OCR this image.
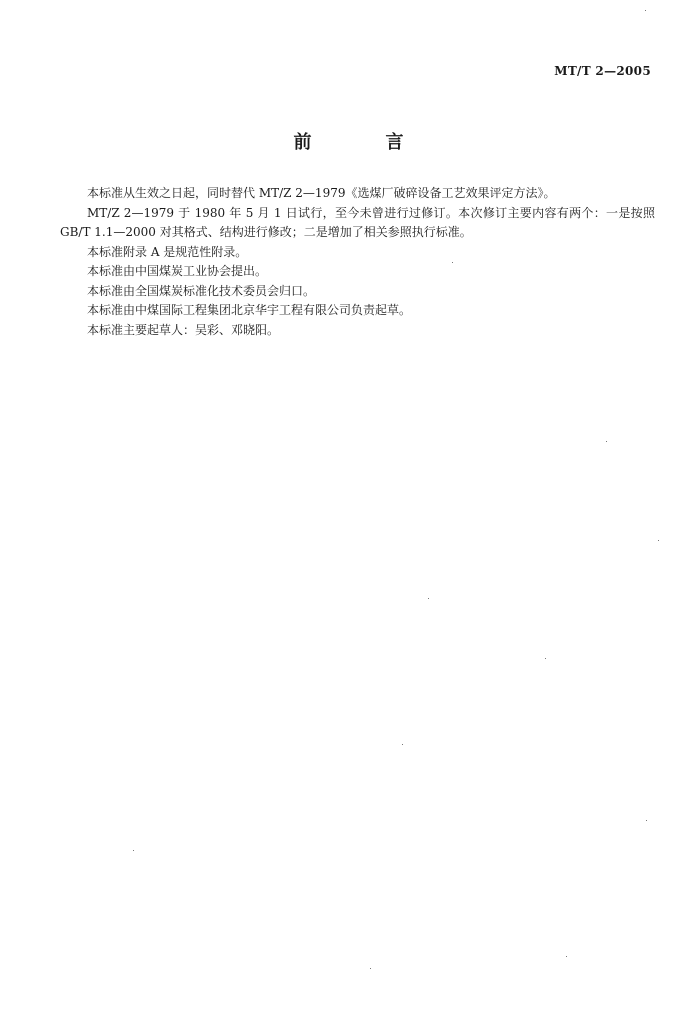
MT/T 2—2005
前　言

本标准从生效之日起，同时替代 MT/Z 2—1979《选煤厂破碎设备工艺效果评定方法》。

MT/Z 2—1979 于 1980 年 5 月 1 日试行，至今未曾进行过修订。本次修订主要内容有两个：一是按照 GB/T 1.1—2000 对其格式、结构进行修改；二是增加了相关参照执行标准。

本标准附录 A 是规范性附录。

本标准由中国煤炭工业协会提出。

本标准由全国煤炭标准化技术委员会归口。

本标准由中煤国际工程集团北京华宇工程有限公司负责起草。

本标准主要起草人：吴彩、邓晓阳。
